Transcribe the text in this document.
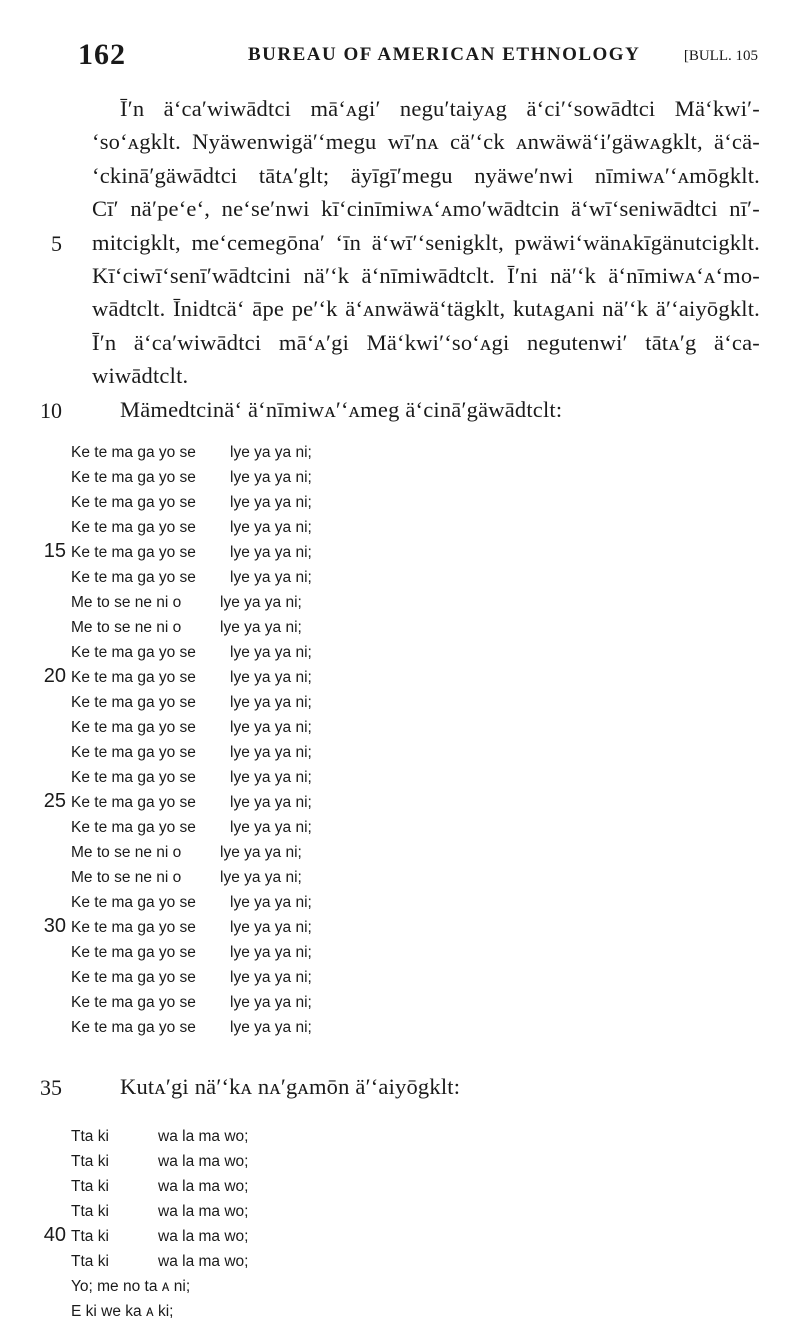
162	BUREAU OF AMERICAN ETHNOLOGY	[BULL. 105
Ī′n ä‘ca′wiwādtci mā‘ᴀgi′ negu′taiyᴀg ä‘ci′‘sowādtci Mä‘kwi′-
‘so‘ᴀgklt. Nyäwenwigä′‘megu wī′nᴀ cä′‘ck ᴀnwäwä‘i′gäwᴀgklt, ä‘cä-
‘ckinā′gäwādtci tātᴀ′glt; äyīgī′megu nyäwe′nwi nīmiwᴀ′‘ᴀmōgklt.
Cī′ nä′pe‘e‘, ne‘se′nwi kī‘cinīmiwᴀ‘ᴀmo′wādtcin ä‘wī‘seniwādtci nī′-
5 mitcigklt, me‘cemegōna′ ‘īn ä‘wī′‘senigklt, pwäwi‘wänᴀkīgänutcigklt.
Kī‘ciwī‘senī′wādtcini nä′‘k ä‘nīmiwādtclt. Ī′ni nä′‘k ä‘nīmiwᴀ‘ᴀ‘mo-
wādtclt. Īnidtcä‘ āpe pe′‘k ä‘ᴀnwäwä‘tägklt, kutᴀgᴀni nä′‘k ä′‘aiyōgklt.
Ī′n ä‘ca′wiwādtci mā‘ᴀ′gi Mä‘kwi′‘so‘ᴀgi negutenwi′ tātᴀ′g ä‘ca-
wiwādtclt.
10	Mämedtcinä‘ ä‘nīmiwᴀ′‘ᴀmeg ä‘cinā′gäwādtclt:
Ke te ma ga yo se lye ya ya ni;
Ke te ma ga yo se lye ya ya ni;
Ke te ma ga yo se lye ya ya ni;
Ke te ma ga yo se lye ya ya ni;
15 Ke te ma ga yo se lye ya ya ni;
Ke te ma ga yo se lye ya ya ni;
Me to se ne ni o lye ya ya ni;
Me to se ne ni o lye ya ya ni;
Ke te ma ga yo se lye ya ya ni;
20 Ke te ma ga yo se lye ya ya ni;
Ke te ma ga yo se lye ya ya ni;
Ke te ma ga yo se lye ya ya ni;
Ke te ma ga yo se lye ya ya ni;
Ke te ma ga yo se lye ya ya ni;
25 Ke te ma ga yo se lye ya ya ni;
Ke te ma ga yo se lye ya ya ni;
Me to se ne ni o lye ya ya ni;
Me to se ne ni o lye ya ya ni;
Ke te ma ga yo se lye ya ya ni;
30 Ke te ma ga yo se lye ya ya ni;
Ke te ma ga yo se lye ya ya ni;
Ke te ma ga yo se lye ya ya ni;
Ke te ma ga yo se lye ya ya ni;
Ke te ma ga yo se lye ya ya ni;
35	Kutᴀ′gi nä′‘kᴀ nᴀ′gᴀmōn ä′‘aiyōgklt:
Tta ki	wa la ma wo;
Tta ki	wa la ma wo;
Tta ki	wa la ma wo;
Tta ki	wa la ma wo;
40 Tta ki	wa la ma wo;
Tta ki	wa la ma wo;
Yo; me no ta ᴀ ni;
E ki we ka ᴀ ki;
